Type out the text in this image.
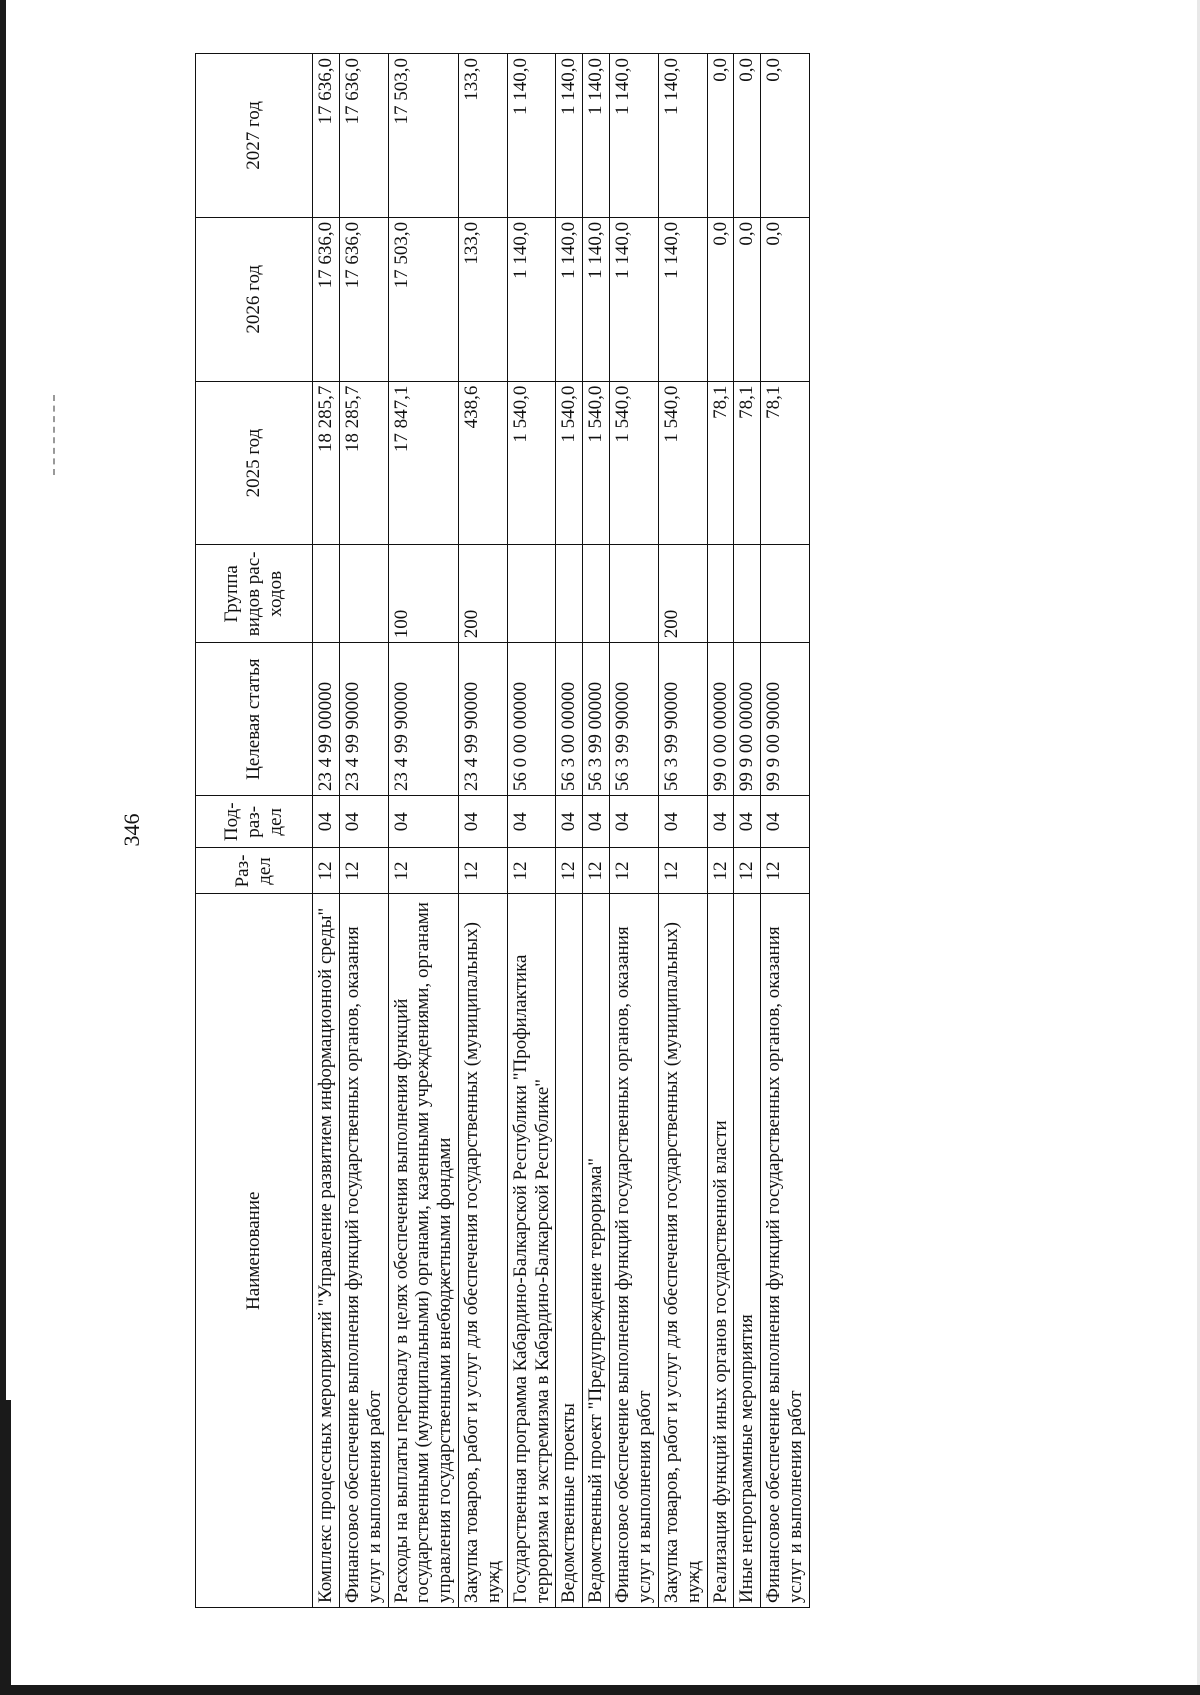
346
Наименование	Раз-дел	Под-раз-дел	Целевая статья	Группа видов рас-ходов	2025 год	2026 год	2027 год
Комплекс процессных мероприятий "Управление развитием информационной среды"	12	04	23 4 99 00000		18 285,7	17 636,0	17 636,0
Финансовое обеспечение выполнения функций государственных органов, оказания услуг и выполнения работ	12	04	23 4 99 90000		18 285,7	17 636,0	17 636,0
Расходы на выплаты персоналу в целях обеспечения выполнения функций государственными (муниципальными) органами, казенными учреждениями, органами управления государственными внебюджетными фондами	12	04	23 4 99 90000	100	17 847,1	17 503,0	17 503,0
Закупка товаров, работ и услуг для обеспечения государственных (муниципальных) нужд	12	04	23 4 99 90000	200	438,6	133,0	133,0
Государственная программа Кабардино-Балкарской Республики "Профилактика терроризма и экстремизма в Кабардино-Балкарской Республике"	12	04	56 0 00 00000		1 540,0	1 140,0	1 140,0
Ведомственные проекты	12	04	56 3 00 00000		1 540,0	1 140,0	1 140,0
Ведомственный проект "Предупреждение терроризма"	12	04	56 3 99 00000		1 540,0	1 140,0	1 140,0
Финансовое обеспечение выполнения функций государственных органов, оказания услуг и выполнения работ	12	04	56 3 99 90000		1 540,0	1 140,0	1 140,0
Закупка товаров, работ и услуг для обеспечения государственных (муниципальных) нужд	12	04	56 3 99 90000	200	1 540,0	1 140,0	1 140,0
Реализация функций иных органов государственной власти	12	04	99 0 00 00000		78,1	0,0	0,0
Иные непрограммные мероприятия	12	04	99 9 00 00000		78,1	0,0	0,0
Финансовое обеспечение выполнения функций государственных органов, оказания услуг и выполнения работ	12	04	99 9 00 90000		78,1	0,0	0,0
